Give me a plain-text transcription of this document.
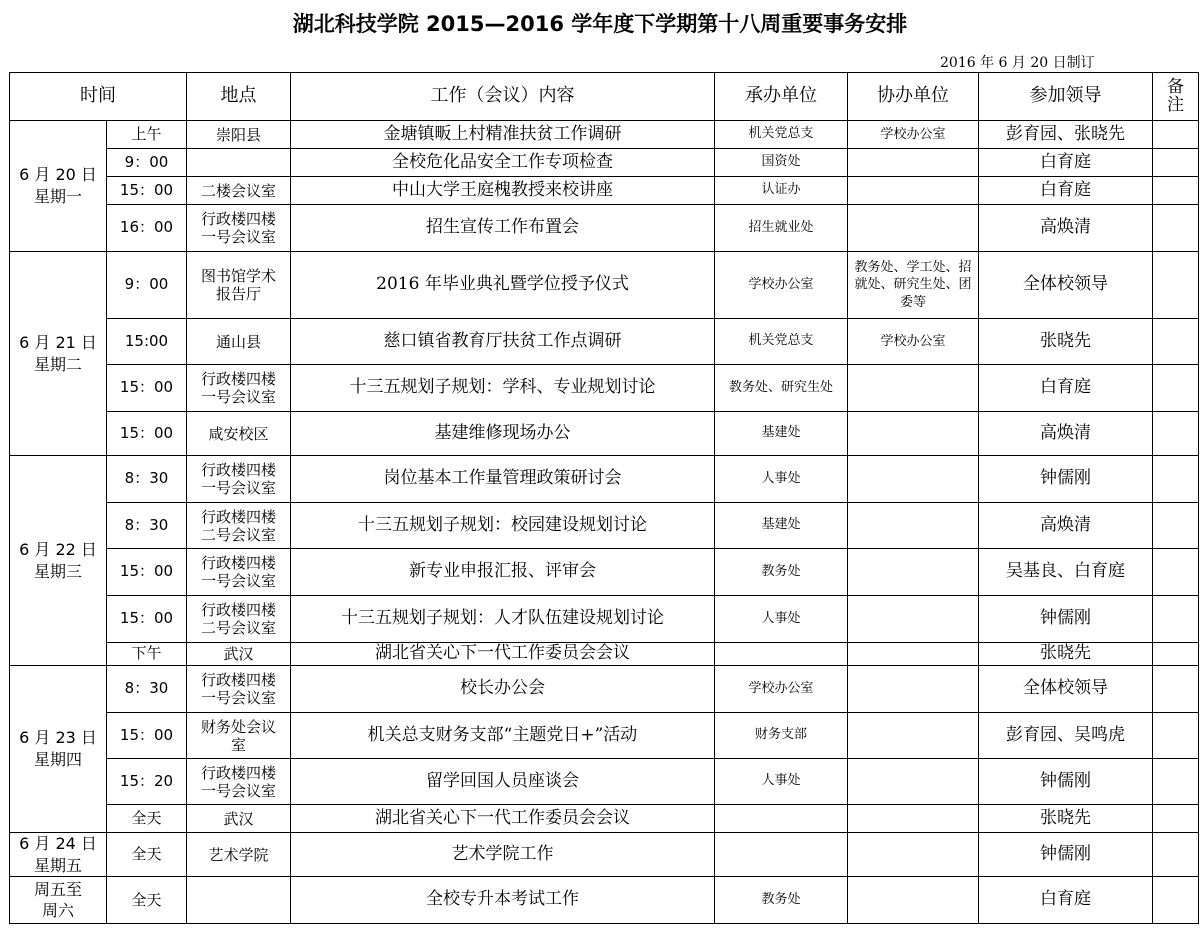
湖北科技学院 2015—2016 学年度下学期第十八周重要事务安排
2016 年 6 月 20 日制订
时间		地点	工作（会议）内容	承办单位	协办单位	参加领导	备注

6 月 20 日
星期一	上午	崇阳县	金塘镇畈上村精准扶贫工作调研	机关党总支	学校办公室	彭育园、张晓先	
	9：00		全校危化品安全工作专项检查	国资处		白育庭	
	15：00	二楼会议室	中山大学王庭槐教授来校讲座	认证办		白育庭	
	16：00	行政楼四楼一号会议室	招生宣传工作布置会	招生就业处		高焕清	

6 月 21 日
星期二	9：00	图书馆学术报告厅	2016 年毕业典礼暨学位授予仪式	学校办公室	教务处、学工处、招就处、研究生处、团委等	全体校领导	
	15:00	通山县	慈口镇省教育厅扶贫工作点调研	机关党总支	学校办公室	张晓先	
	15：00	行政楼四楼一号会议室	十三五规划子规划：学科、专业规划讨论	教务处、研究生处		白育庭	
	15：00	咸安校区	基建维修现场办公	基建处		高焕清	

6 月 22 日
星期三	8：30	行政楼四楼一号会议室	岗位基本工作量管理政策研讨会	人事处		钟儒刚	
	8：30	行政楼四楼二号会议室	十三五规划子规划：校园建设规划讨论	基建处		高焕清	
	15：00	行政楼四楼一号会议室	新专业申报汇报、评审会	教务处		吴基良、白育庭	
	15：00	行政楼四楼二号会议室	十三五规划子规划：人才队伍建设规划讨论	人事处		钟儒刚	
	下午	武汉	湖北省关心下一代工作委员会会议			张晓先	

6 月 23 日
星期四	8：30	行政楼四楼一号会议室	校长办公会	学校办公室		全体校领导	
	15：00	财务处会议室	机关总支财务支部“主题党日+”活动	财务支部		彭育园、吴鸣虎	
	15：20	行政楼四楼一号会议室	留学回国人员座谈会	人事处		钟儒刚	
	全天	武汉	湖北省关心下一代工作委员会会议			张晓先	

6 月 24 日
星期五	全天	艺术学院	艺术学院工作			钟儒刚	

周五至
周六	全天		全校专升本考试工作	教务处		白育庭	
